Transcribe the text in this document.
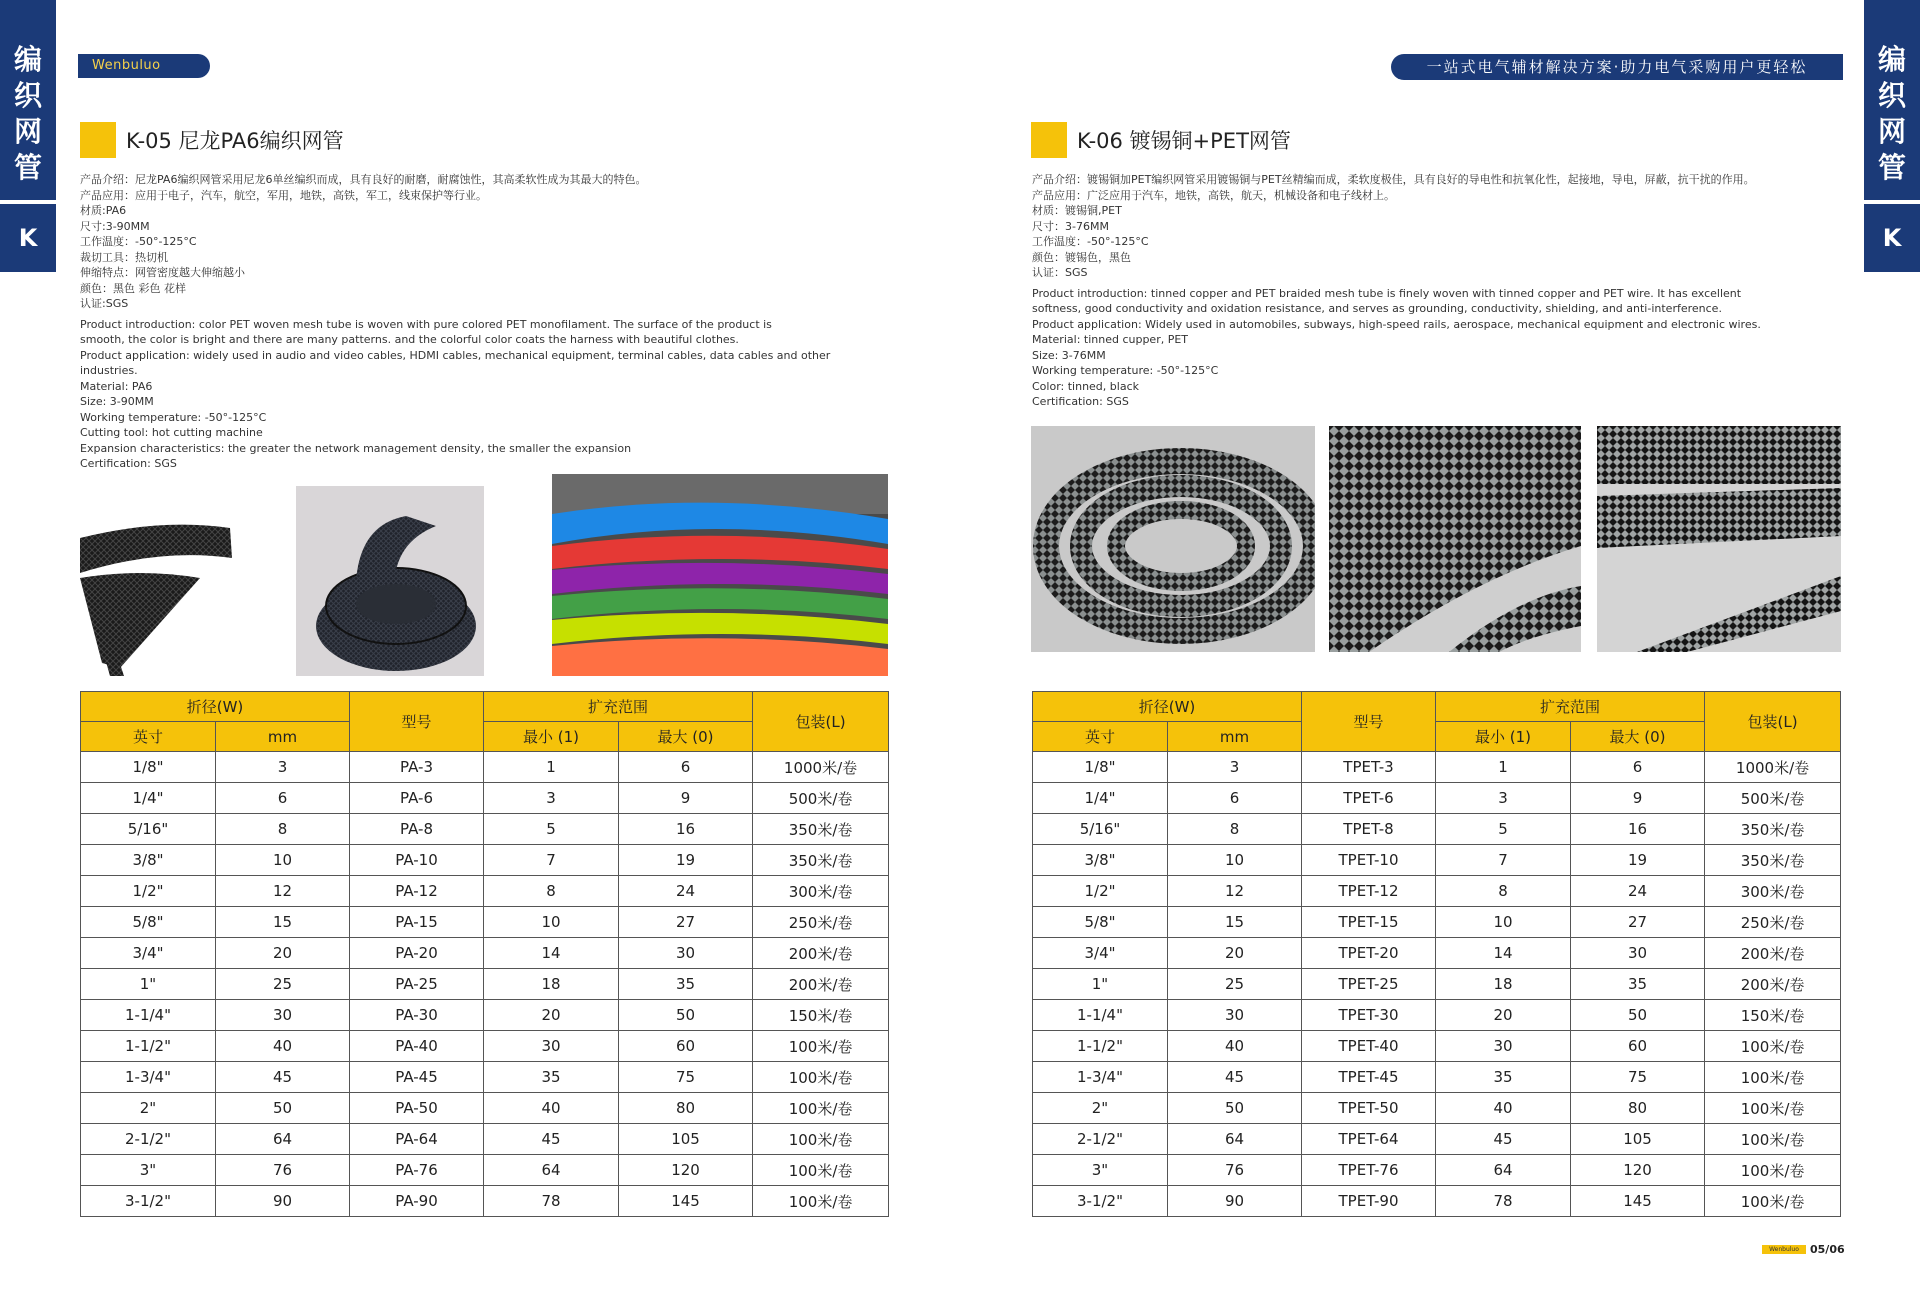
编
织
网
管
K
编
织
网
管
K
Wenbuluo	一站式电气辅材解决方案·助力电气采购用户更轻松
K-05 尼龙PA6编织网管

产品介绍：尼龙PA6编织网管采用尼龙6单丝编织而成，具有良好的耐磨，耐腐蚀性，其高柔软性成为其最大的特色。

产品应用：应用于电子，汽车，航空，军用，地铁，高铁，军工，线束保护等行业。

材质:PA6

尺寸:3-90MM

工作温度：-50°-125°C

裁切工具：热切机

伸缩特点：网管密度越大伸缩越小

颜色：黑色 彩色 花样

认证:SGS

Product introduction: color PET woven mesh tube is woven with pure colored PET monofilament. The surface of the product is

smooth, the color is bright and there are many patterns. and the colorful color coats the harness with beautiful clothes.

Product application: widely used in audio and video cables, HDMI cables, mechanical equipment, terminal cables, data cables and other

industries.

Material: PA6

Size: 3-90MM

Working temperature: -50°-125°C

Cutting tool: hot cutting machine

Expansion characteristics: the greater the network management density, the smaller the expansion

Certification: SGS

折径(W)		型号	扩充范围		包装(L)
英寸	mm		最小 (1)	最大 (0)	
1/8"	3	PA-3	1	6	1000米/卷
1/4"	6	PA-6	3	9	500米/卷
5/16"	8	PA-8	5	16	350米/卷
3/8"	10	PA-10	7	19	350米/卷
1/2"	12	PA-12	8	24	300米/卷
5/8"	15	PA-15	10	27	250米/卷
3/4"	20	PA-20	14	30	200米/卷
1"	25	PA-25	18	35	200米/卷
1-1/4"	30	PA-30	20	50	150米/卷
1-1/2"	40	PA-40	30	60	100米/卷
1-3/4"	45	PA-45	35	75	100米/卷
2"	50	PA-50	40	80	100米/卷
2-1/2"	64	PA-64	45	105	100米/卷
3"	76	PA-76	64	120	100米/卷
3-1/2"	90	PA-90	78	145	100米/卷
K-06 镀锡铜+PET网管

产品介绍：镀锡铜加PET编织网管采用镀锡铜与PET丝精编而成，柔软度极佳，具有良好的导电性和抗氧化性，起接地，导电，屏蔽，抗干扰的作用。

产品应用：广泛应用于汽车，地铁，高铁，航天，机械设备和电子线材上。

材质：镀锡铜,PET

尺寸：3-76MM

工作温度：-50°-125°C

颜色：镀锡色，黑色

认证：SGS

Product introduction: tinned copper and PET braided mesh tube is finely woven with tinned copper and PET wire. It has excellent

softness, good conductivity and oxidation resistance, and serves as grounding, conductivity, shielding, and anti-interference.

Product application: Widely used in automobiles, subways, high-speed rails, aerospace, mechanical equipment and electronic wires.

Material: tinned cupper, PET

Size: 3-76MM

Working temperature: -50°-125°C

Color: tinned, black

Certification: SGS

折径(W)		型号	扩充范围		包装(L)
英寸	mm		最小 (1)	最大 (0)	
1/8"	3	TPET-3	1	6	1000米/卷
1/4"	6	TPET-6	3	9	500米/卷
5/16"	8	TPET-8	5	16	350米/卷
3/8"	10	TPET-10	7	19	350米/卷
1/2"	12	TPET-12	8	24	300米/卷
5/8"	15	TPET-15	10	27	250米/卷
3/4"	20	TPET-20	14	30	200米/卷
1"	25	TPET-25	18	35	200米/卷
1-1/4"	30	TPET-30	20	50	150米/卷
1-1/2"	40	TPET-40	30	60	100米/卷
1-3/4"	45	TPET-45	35	75	100米/卷
2"	50	TPET-50	40	80	100米/卷
2-1/2"	64	TPET-64	45	105	100米/卷
3"	76	TPET-76	64	120	100米/卷
3-1/2"	90	TPET-90	78	145	100米/卷
Wenbuluo	05/06
